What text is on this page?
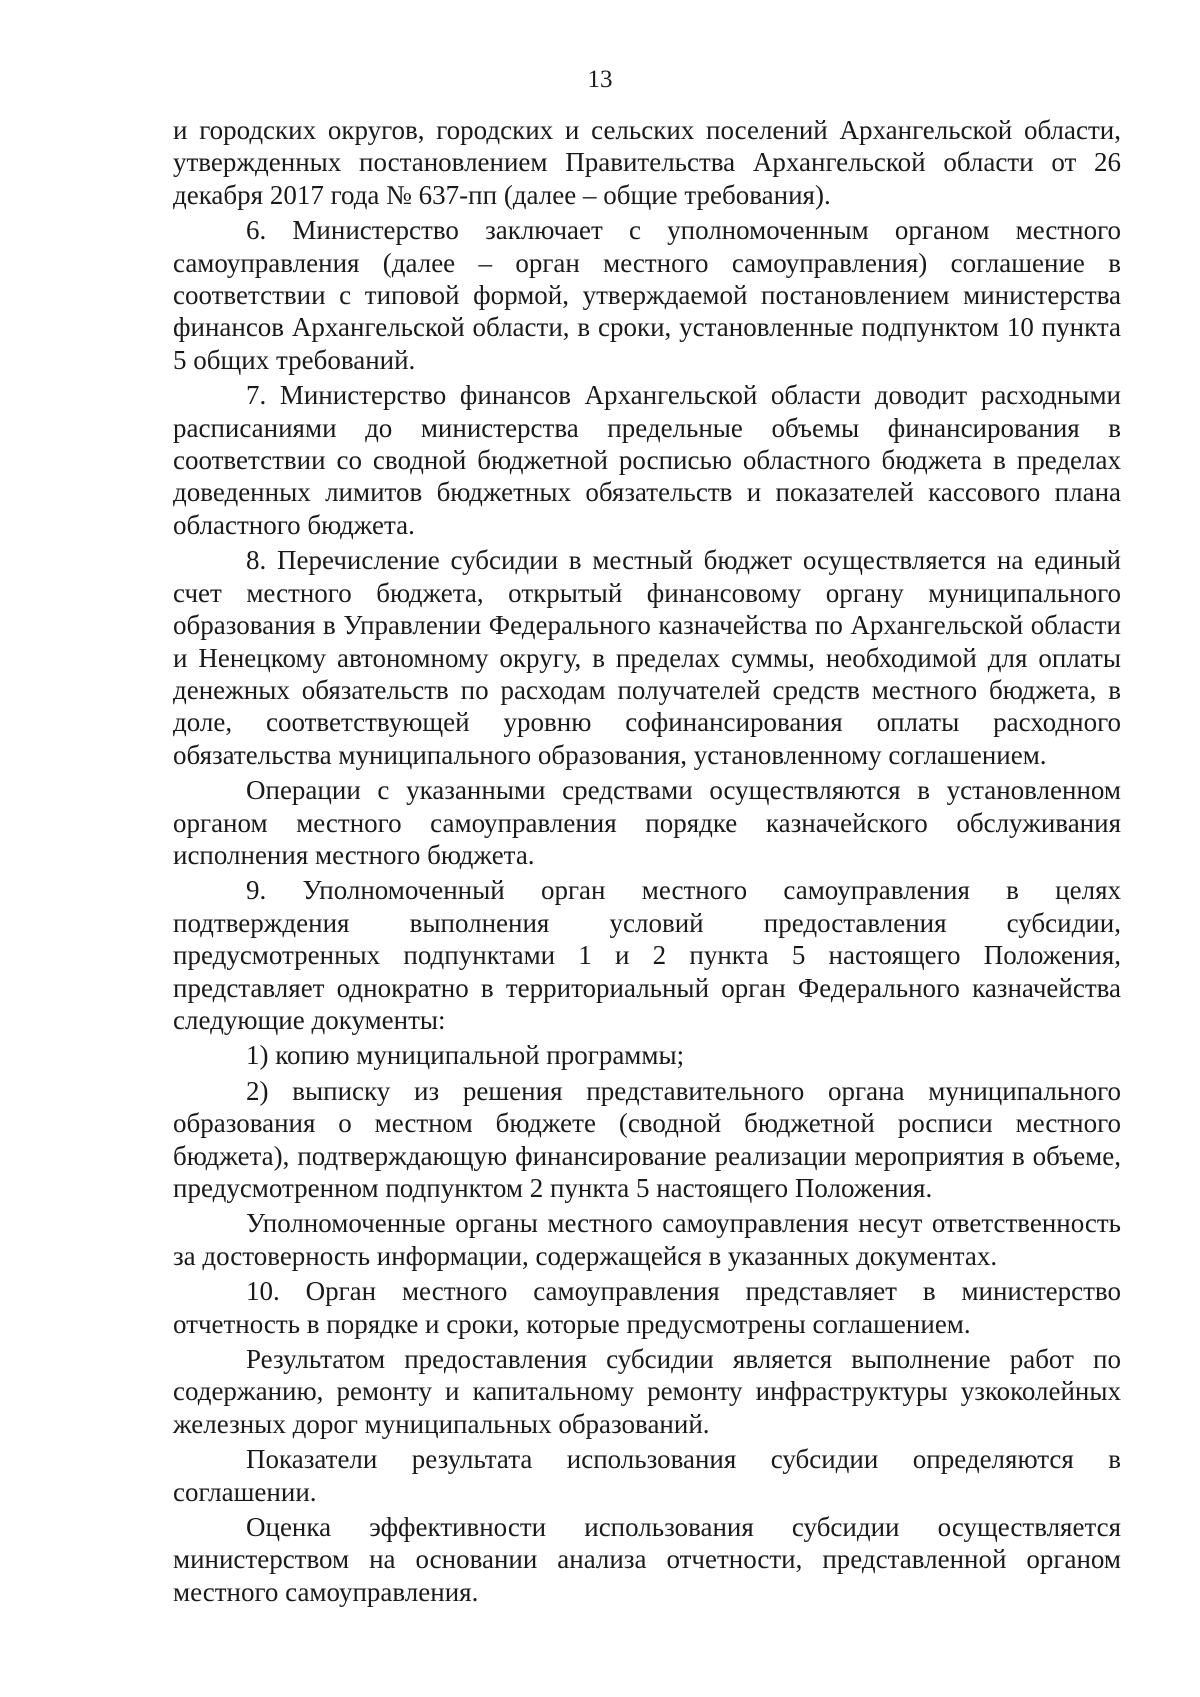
13

и городских округов, городских и сельских поселений Архангельской области, утвержденных постановлением Правительства Архангельской области от 26 декабря 2017 года № 637-пп (далее – общие требования).

6. Министерство заключает с уполномоченным органом местного самоуправления (далее – орган местного самоуправления) соглашение в соответствии с типовой формой, утверждаемой постановлением министерства финансов Архангельской области, в сроки, установленные подпунктом 10 пункта 5 общих требований.

7. Министерство финансов Архангельской области доводит расходными расписаниями до министерства предельные объемы финансирования в соответствии со сводной бюджетной росписью областного бюджета в пределах доведенных лимитов бюджетных обязательств и показателей кассового плана областного бюджета.

8. Перечисление субсидии в местный бюджет осуществляется на единый счет местного бюджета, открытый финансовому органу муниципального образования в Управлении Федерального казначейства по Архангельской области и Ненецкому автономному округу, в пределах суммы, необходимой для оплаты денежных обязательств по расходам получателей средств местного бюджета, в доле, соответствующей уровню софинансирования оплаты расходного обязательства муниципального образования, установленному соглашением.

Операции с указанными средствами осуществляются в установленном органом местного самоуправления порядке казначейского обслуживания исполнения местного бюджета.

9. Уполномоченный орган местного самоуправления в целях подтверждения выполнения условий предоставления субсидии, предусмотренных подпунктами 1 и 2 пункта 5 настоящего Положения, представляет однократно в территориальный орган Федерального казначейства следующие документы:

1) копию муниципальной программы;

2) выписку из решения представительного органа муниципального образования о местном бюджете (сводной бюджетной росписи местного бюджета), подтверждающую финансирование реализации мероприятия в объеме, предусмотренном подпунктом 2 пункта 5 настоящего Положения.

Уполномоченные органы местного самоуправления несут ответственность за достоверность информации, содержащейся в указанных документах.

10. Орган местного самоуправления представляет в министерство отчетность в порядке и сроки, которые предусмотрены соглашением.

Результатом предоставления субсидии является выполнение работ по содержанию, ремонту и капитальному ремонту инфраструктуры узкоколейных железных дорог муниципальных образований.

Показатели результата использования субсидии определяются в соглашении.

Оценка эффективности использования субсидии осуществляется министерством на основании анализа отчетности, представленной органом местного самоуправления.
